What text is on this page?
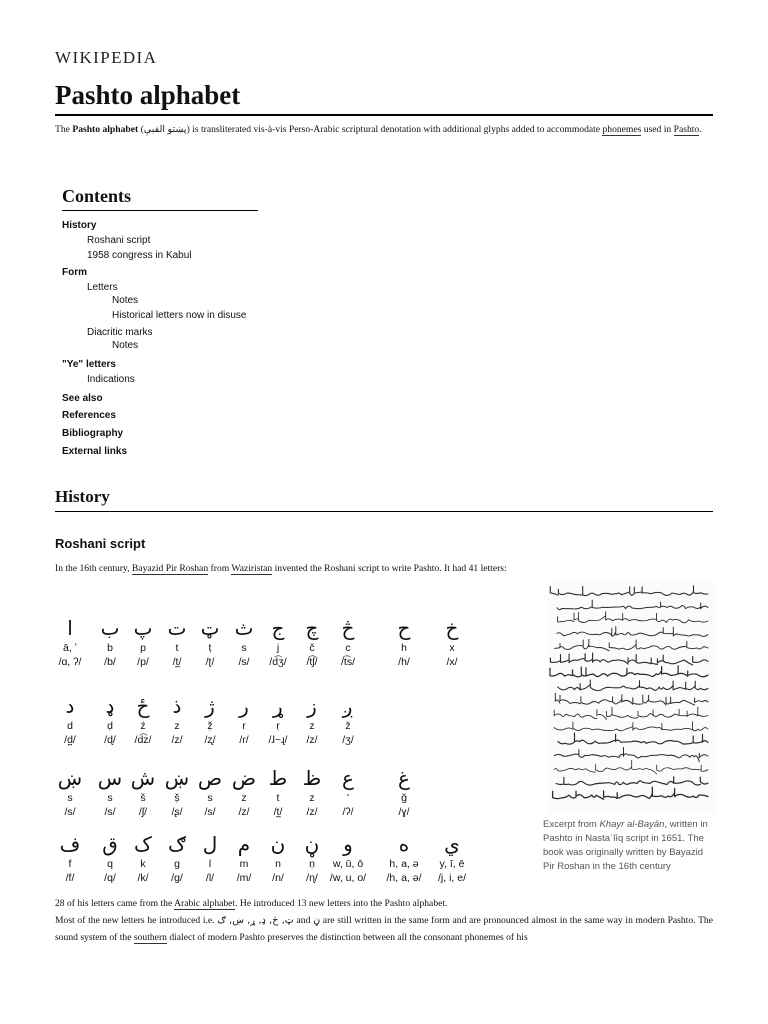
WIKIPEDIA
Pashto alphabet

The Pashto alphabet (پښتو الفبې) is transliterated vis-à-vis Perso-Arabic scriptural denotation with additional glyphs added to accommodate phonemes used in Pashto.

Contents
History
Roshani script
1958 congress in Kabul
Form
Letters
Notes
Historical letters now in disuse
Diacritic marks
Notes
"Ye" letters
Indications
See also
References
Bibliography
External links
History
Roshani script

In the 16th century, Bayazid Pir Roshan from Waziristan invented the Roshani script to write Pashto. It had 41 letters:

ا
ā, ʼ
/ɑ, ʔ/
ب
b
/b/
پ
p
/p/
ت
t
/t̪/
ټ
ṭ
/ʈ/
ث
s
/s/
ج
j
/d͡ʒ/
چ
č
/t͡ʃ/
څ
c
/t͡s/
ح
h
/h/
خ
x
/x/
د
d
/d̪/
ډ
ḍ
/ɖ/
ځ
ź
/d͡z/
ذ
z
/z/
ژ
ẓ̌
/ʐ/
ر
r
/ɾ/
ړ
ṛ
/ɺ~ɻ/
ز
z
/z/
ږ
ž
/ʒ/
ښ
s
/s/
س
s
/s/
ش
š
/ʃ/
ښ
ṣ̌
/ʂ/
ص
s
/s/
ض
z
/z/
ط
t
/t̪/
ظ
z
/z/
ع
ʻ
/ʔ/
غ
ğ
/ɣ/
ف
f
/f/
ق
q
/q/
ک
k
/k/
ګ
g
/g/
ل
l
/l/
م
m
/m/
ن
n
/n/
ڼ
ṇ
/ɳ/
و
w, ū, ō
/w, u, o/
ه
h, a, ə
/h, a, ə/
ي
y, ī, ē
/j, i, e/
Excerpt from Khayr al-Bayān, written in Pashto in Nastaʿlīq script in 1651. The book was originally written by Bayazid Pir Roshan in the 16th century

28 of his letters came from the Arabic alphabet. He introduced 13 new letters into the Pashto alphabet.

Most of the new letters he introduced i.e. ټ, څ, ډ, ړ, ښ, ګ and ڼ are still written in the same form and are pronounced almost in the same way in modern Pashto. The sound system of the southern dialect of modern Pashto preserves the distinction between all the consonant phonemes of his
